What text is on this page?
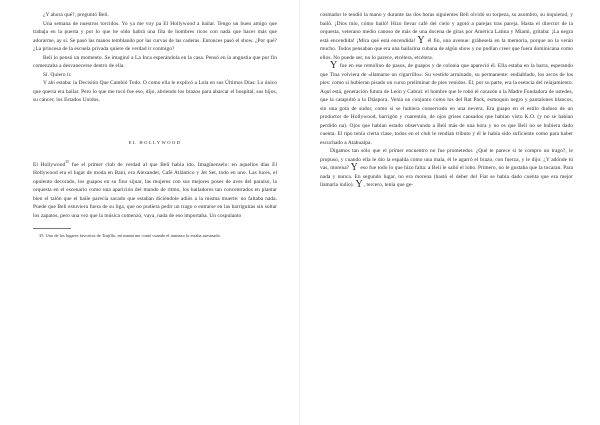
¿Y ahora qué?, preguntó Beli.

Una semana de nuestros torcidos. Yo ya me voy pa El Hollywood a bailar. Tengo un buen amigo que trabaja en la puerta y por lo que he oído habrá una fila de hombres ricos con nada que hacer más que adorarme, ay sí. Se pasó las manos temblando por las curvas de las caderas. Entonces pasó el show. ¿Por qué? ¿La princesa de la escuela privada quiere de verdad ir conmigo?

Beli lo pensó un momento. Se imaginó a La Inca esperándola en la casa. Pensó en la angustia que por fin comenzaba a desvanecerse dentro de ella.

Sí. Quiero ir.

Y ahí estaba: la Decisión Que Cambió Todo. O como ella le explicó a Lola en sus Últimos Días: Lo único que quería era bailar. Pero lo que me tocó fue eso, dijo, abriendo los brazos para abarcar el hospital, sus hijos, su cáncer, los Estados Unidos.

EL HOLLYWOOD

El Hollywood$^{35}$ fue el primer club de verdad al que Beli había ido. Imagínenselo: en aquellos días El Hollywood era el lugar de moda en Baní, era Alexander, Café Atlántico y Jet Set, todo en uno. Las luces, el opulento decorado, los guapos en su fino sijuar, las mujeres con sus mejores poses de aves del paraíso, la orquesta en el escenario como una aparición del mundo de ritmo, los bailadores tan concentrados en plantar bien el talón que el baile parecía sacado que estaban diciéndole adiós a la misma muerte: no faltaba nada. Puede que Beli estuviera fuera de su liga, que no pudiera pedir un trago o entrarse en las barriguitas sin soltar los zapatos, pero una vez que la música comenzó, vaya, nada de eso importaba. Un cospulanto

35. Uno de los lugares favoritos de Trujillo, mi mamá me contó cuando el tramazo lo estaba asesinado.

cosmador le tendió la mano y durante las dos horas siguientes Beli olvidó su torpeza, su asombro, su inquietud, y bailó. ¡Dios mío, cómo bailó! Hizo llevar café del cielo y agotó a parejas tras pareja. Hasta el director de la orquesta, veterano medio canoso de más de una docena de giras por América Latina y Miami, gritaba: ¡La negra está encendida! ¡Mira qué está encendida! Y él fin, una avenue: grábesela en la memoria, porque no la verán mucho. Todos pensaban que era una bailarina cubana de algún show y no podían creer que fuera dominicana como ellos. No puede ser, no lo parece, etcétera, etcétera.

Y fue en ese remolino de pasos, de guapos y de colonia que apareció él. Ella estaba en la barra, esperando que Tina volviera de «llamarse un cigarrillo». Su vestido arruinado, su permanente: endiablado, los arcos de los pies: como si hubieran pisado un curso preliminar de pies venidos. El, por su parte, era la esencia del relajamiento. Aquí está, generación futura de León y Cabral: el hombre que le robó el corazón a la Madre Fundadora de ustedes, que la catapultó a la Diáspora. Venía un conjunto como los del Rat Pack, esmoquin negro y pantalones blancos, sin una gota de sudor, como si se hubiera conservado en una nevera. Era guapo en el estilo dudoso de un productor de Hollywood, barrigón y cuarentón, de ojos grises cansados que habían visto K.O. (y no se habían perdido na). Ojos que habían estado observando a Beli más de una hora y no es que Beli no se hubiera dado cuenta. El tipo tenía cierta clase, todos en el club le rendían tributo y él le había sido suficiente como para haber escuchado a Atahualpa.

Digamos tan sólo que el primer encuentro no fue prometedor. ¿Qué te parece si te compro un trago?, le propuso, y cuando ella le dio la espalda como una mala, él le agarró el brazo, con fuerza, y le dijo: ¿Y adónde tú vas, morena? Y eso fue todo lo que hizo falta: a Beli le salió el lobo. Primero, no le gustaba que la tocaran. Para nada y nunca. En segundo lugar, no era morena (bastó el deber del Fiat se había dado cuenta que era mejor llamarla indio). Y, tercero, tenía que ge-
